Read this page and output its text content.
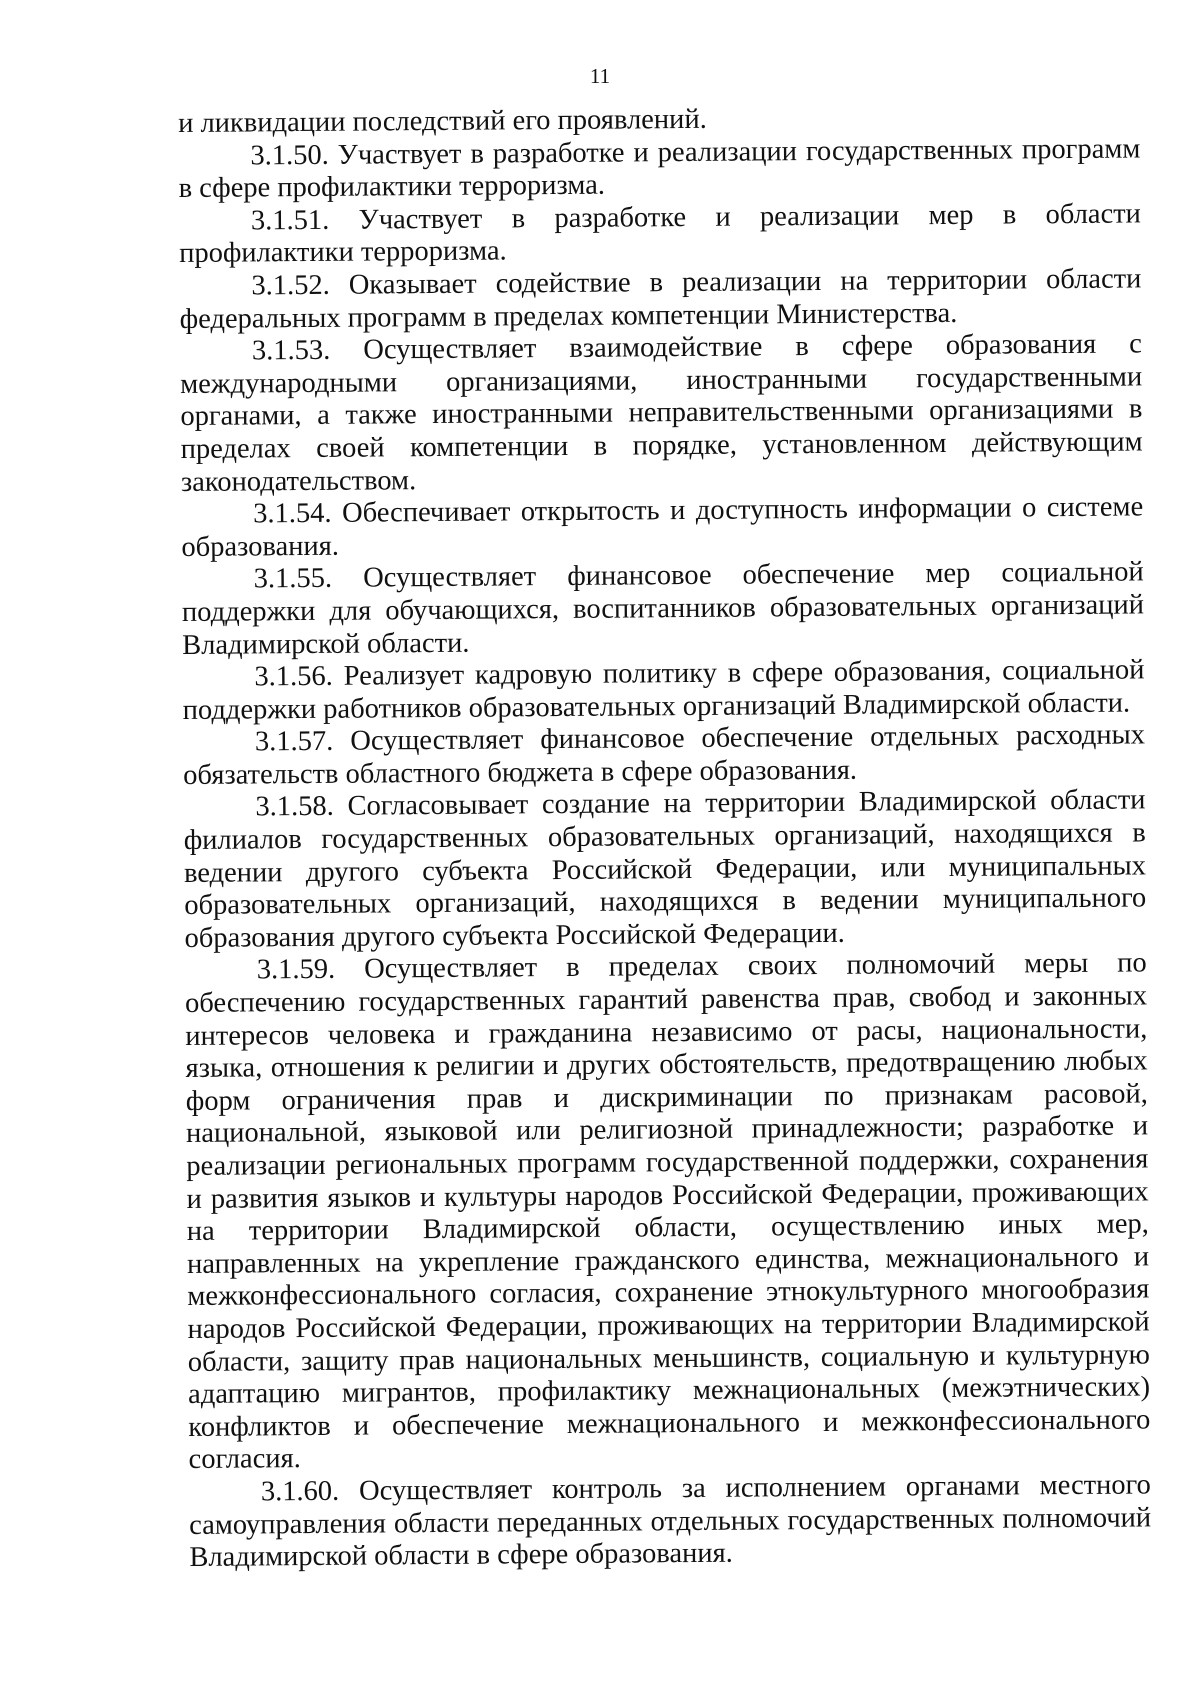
11

и ликвидации последствий его проявлений.

3.1.50. Участвует в разработке и реализации государственных программ в сфере профилактики терроризма.

3.1.51. Участвует в разработке и реализации мер в области профилактики терроризма.

3.1.52. Оказывает содействие в реализации на территории области федеральных программ в пределах компетенции Министерства.

3.1.53. Осуществляет взаимодействие в сфере образования с международными организациями, иностранными государственными органами, а также иностранными неправительственными организациями в пределах своей компетенции в порядке, установленном действующим законодательством.

3.1.54. Обеспечивает открытость и доступность информации о системе образования.

3.1.55. Осуществляет финансовое обеспечение мер социальной поддержки для обучающихся, воспитанников образовательных организаций Владимирской области.

3.1.56. Реализует кадровую политику в сфере образования, социальной поддержки работников образовательных организаций Владимирской области.

3.1.57. Осуществляет финансовое обеспечение отдельных расходных обязательств областного бюджета в сфере образования.

3.1.58. Согласовывает создание на территории Владимирской области филиалов государственных образовательных организаций, находящихся в ведении другого субъекта Российской Федерации, или муниципальных образовательных организаций, находящихся в ведении муниципального образования другого субъекта Российской Федерации.

3.1.59. Осуществляет в пределах своих полномочий меры по обеспечению государственных гарантий равенства прав, свобод и законных интересов человека и гражданина независимо от расы, национальности, языка, отношения к религии и других обстоятельств, предотвращению любых форм ограничения прав и дискриминации по признакам расовой, национальной, языковой или религиозной принадлежности; разработке и реализации региональных программ государственной поддержки, сохранения и развития языков и культуры народов Российской Федерации, проживающих на территории Владимирской области, осуществлению иных мер, направленных на укрепление гражданского единства, межнационального и межконфессионального согласия, сохранение этнокультурного многообразия народов Российской Федерации, проживающих на территории Владимирской области, защиту прав национальных меньшинств, социальную и культурную адаптацию мигрантов, профилактику межнациональных (межэтнических) конфликтов и обеспечение межнационального и межконфессионального согласия.

3.1.60. Осуществляет контроль за исполнением органами местного самоуправления области переданных отдельных государственных полномочий Владимирской области в сфере образования.
